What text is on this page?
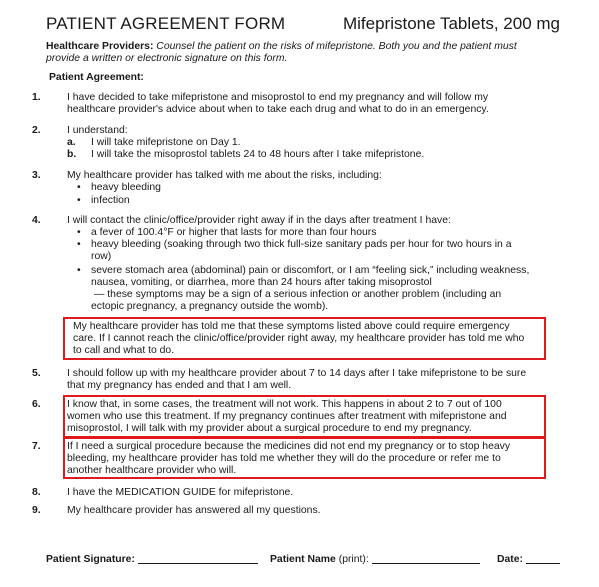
PATIENT AGREEMENT FORM	Mifepristone Tablets, 200 mg
Healthcare Providers: Counsel the patient on the risks of mifepristone. Both you and the patient must
provide a written or electronic signature on this form.
Patient Agreement:
1.	I have decided to take mifepristone and misoprostol to end my pregnancy and will follow my
healthcare provider's advice about when to take each drug and what to do in an emergency.
2.	I understand:
a. I will take mifepristone on Day 1.
b. I will take the misoprostol tablets 24 to 48 hours after I take mifepristone.
3.	My healthcare provider has talked with me about the risks, including:
• heavy bleeding
• infection
4.	I will contact the clinic/office/provider right away if in the days after treatment I have:
• a fever of 100.4°F or higher that lasts for more than four hours
• heavy bleeding (soaking through two thick full-size sanitary pads per hour for two hours in a
row)
• severe stomach area (abdominal) pain or discomfort, or I am “feeling sick,” including weakness,
nausea, vomiting, or diarrhea, more than 24 hours after taking misoprostol
— these symptoms may be a sign of a serious infection or another problem (including an
ectopic pregnancy, a pregnancy outside the womb).
My healthcare provider has told me that these symptoms listed above could require emergency
care. If I cannot reach the clinic/office/provider right away, my healthcare provider has told me who
to call and what to do.
5.	I should follow up with my healthcare provider about 7 to 14 days after I take mifepristone to be sure
that my pregnancy has ended and that I am well.
6.	I know that, in some cases, the treatment will not work. This happens in about 2 to 7 out of 100
women who use this treatment. If my pregnancy continues after treatment with mifepristone and
misoprostol, I will talk with my provider about a surgical procedure to end my pregnancy.
7.	If I need a surgical procedure because the medicines did not end my pregnancy or to stop heavy
bleeding, my healthcare provider has told me whether they will do the procedure or refer me to
another healthcare provider who will.
8.	I have the MEDICATION GUIDE for mifepristone.
9.	My healthcare provider has answered all my questions.
Patient Signature:	Patient Name (print):	Date:
